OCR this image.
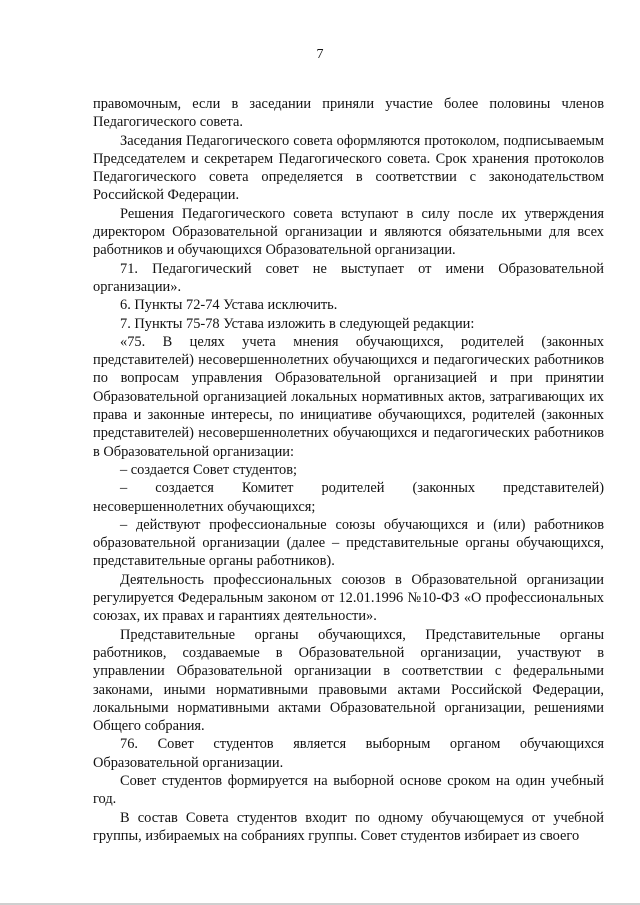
7

правомочным, если в заседании приняли участие более половины членов Педагогического совета.

Заседания Педагогического совета оформляются протоколом, подписываемым Председателем и секретарем Педагогического совета. Срок хранения протоколов Педагогического совета определяется в соответствии с законодательством Российской Федерации.

Решения Педагогического совета вступают в силу после их утверждения директором Образовательной организации и являются обязательными для всех работников и обучающихся Образовательной организации.

71. Педагогический совет не выступает от имени Образовательной организации».

6. Пункты 72-74 Устава исключить.

7. Пункты 75-78 Устава изложить в следующей редакции:

«75. В целях учета мнения обучающихся, родителей (законных представителей) несовершеннолетних обучающихся и педагогических работников по вопросам управления Образовательной организацией и при принятии Образовательной организацией локальных нормативных актов, затрагивающих их права и законные интересы, по инициативе обучающихся, родителей (законных представителей) несовершеннолетних обучающихся и педагогических работников в Образовательной организации:

– создается Совет студентов;

– создается Комитет родителей (законных представителей) несовершеннолетних обучающихся;

– действуют профессиональные союзы обучающихся и (или) работников образовательной организации (далее – представительные органы обучающихся, представительные органы работников).

Деятельность профессиональных союзов в Образовательной организации регулируется Федеральным законом от 12.01.1996 №10-ФЗ «О профессиональных союзах, их правах и гарантиях деятельности».

Представительные органы обучающихся, Представительные органы работников, создаваемые в Образовательной организации, участвуют в управлении Образовательной организации в соответствии с федеральными законами, иными нормативными правовыми актами Российской Федерации, локальными нормативными актами Образовательной организации, решениями Общего собрания.

76. Совет студентов является выборным органом обучающихся Образовательной организации.

Совет студентов формируется на выборной основе сроком на один учебный год.

В состав Совета студентов входит по одному обучающемуся от учебной группы, избираемых на собраниях группы. Совет студентов избирает из своего
